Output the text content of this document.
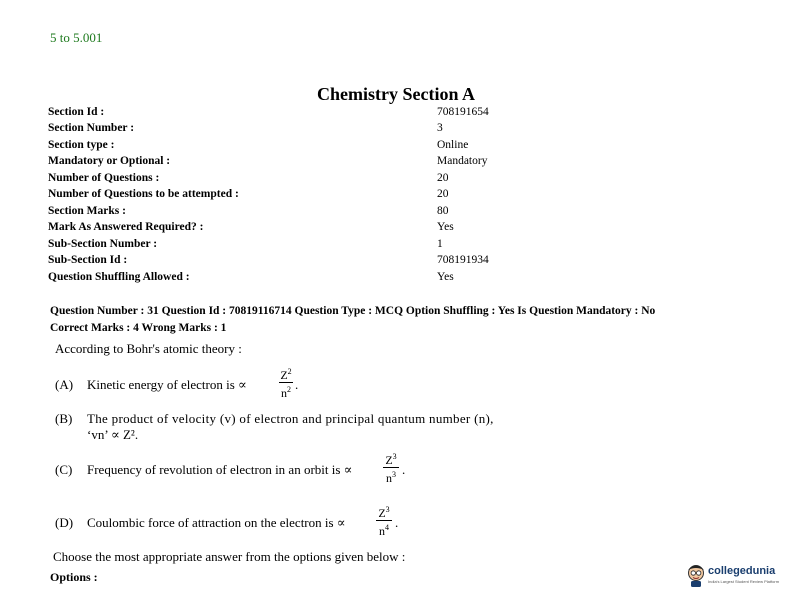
5 to 5.001
Chemistry Section A
Section Id :	708191654
Section Number :	3
Section type :	Online
Mandatory or Optional :	Mandatory
Number of Questions :	20
Number of Questions to be attempted :	20
Section Marks :	80
Mark As Answered Required? :	Yes
Sub-Section Number :	1
Sub-Section Id :	708191934
Question Shuffling Allowed :	Yes
Question Number : 31 Question Id : 70819116714 Question Type : MCQ Option Shuffling : Yes Is Question Mandatory : No
Correct Marks : 4 Wrong Marks : 1
According to Bohr's atomic theory :
(A) Kinetic energy of electron is ∝
$Z^2$
$n^2$ .
(B) The product of velocity (v) of electron and principal quantum number (n),
‘vn’ ∝ Z².
(C) Frequency of revolution of electron in an orbit is ∝
$Z^3$
$n^3$ .
(D) Coulombic force of attraction on the electron is ∝
$Z^3$
$n^4$ .
Choose the most appropriate answer from the options given below :
Options :	collegedunia
India's Largest Student Review Platform
